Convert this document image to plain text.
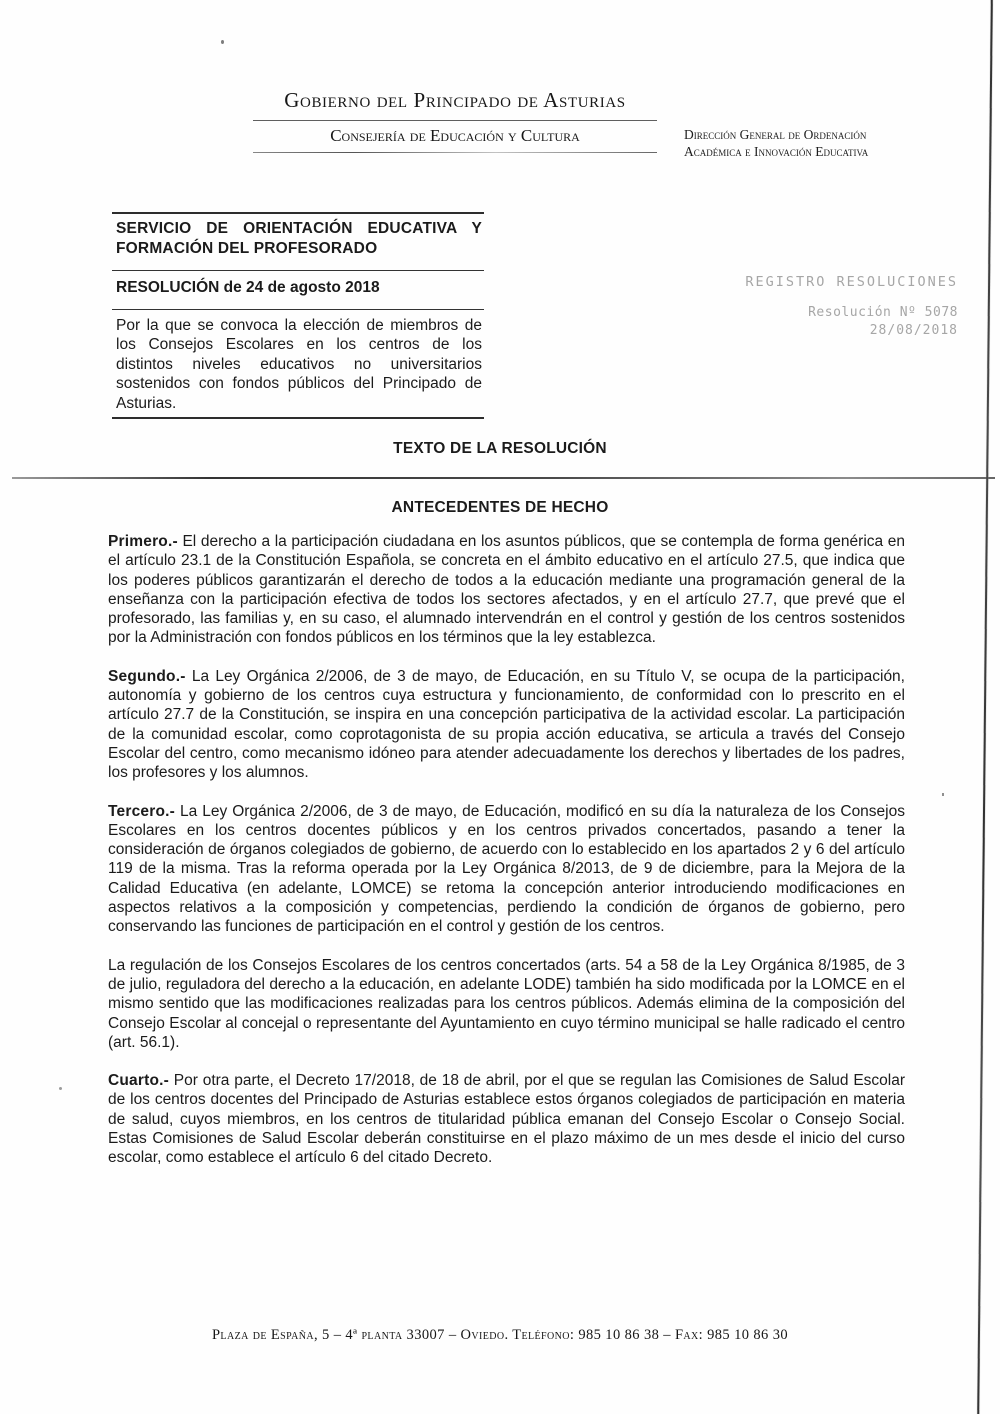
Gobierno del Principado de Asturias
Consejería de Educación y Cultura	Dirección General de Ordenación
Académica e Innovación Educativa
SERVICIO DE ORIENTACIÓN EDUCATIVA Y FORMACIÓN DEL PROFESORADO
RESOLUCIÓN de 24 de agosto 2018
Por la que se convoca la elección de miembros de los Consejos Escolares en los centros de los distintos niveles educativos no universitarios sostenidos con fondos públicos del Principado de Asturias.
REGISTRO RESOLUCIONES
Resolución Nº 5078
28/08/2018
TEXTO DE LA RESOLUCIÓN
ANTECEDENTES DE HECHO

Primero.- El derecho a la participación ciudadana en los asuntos públicos, que se contempla de forma genérica en el artículo 23.1 de la Constitución Española, se concreta en el ámbito educativo en el artículo 27.5, que indica que los poderes públicos garantizarán el derecho de todos a la educación mediante una programación general de la enseñanza con la participación efectiva de todos los sectores afectados, y en el artículo 27.7, que prevé que el profesorado, las familias y, en su caso, el alumnado intervendrán en el control y gestión de los centros sostenidos por la Administración con fondos públicos en los términos que la ley establezca.

Segundo.- La Ley Orgánica 2/2006, de 3 de mayo, de Educación, en su Título V, se ocupa de la participación, autonomía y gobierno de los centros cuya estructura y funcionamiento, de conformidad con lo prescrito en el artículo 27.7 de la Constitución, se inspira en una concepción participativa de la actividad escolar. La participación de la comunidad escolar, como coprotagonista de su propia acción educativa, se articula a través del Consejo Escolar del centro, como mecanismo idóneo para atender adecuadamente los derechos y libertades de los padres, los profesores y los alumnos.

Tercero.- La Ley Orgánica 2/2006, de 3 de mayo, de Educación, modificó en su día la naturaleza de los Consejos Escolares en los centros docentes públicos y en los centros privados concertados, pasando a tener la consideración de órganos colegiados de gobierno, de acuerdo con lo establecido en los apartados 2 y 6 del artículo 119 de la misma. Tras la reforma operada por la Ley Orgánica 8/2013, de 9 de diciembre, para la Mejora de la Calidad Educativa (en adelante, LOMCE) se retoma la concepción anterior introduciendo modificaciones en aspectos relativos a la composición y competencias, perdiendo la condición de órganos de gobierno, pero conservando las funciones de participación en el control y gestión de los centros.

La regulación de los Consejos Escolares de los centros concertados (arts. 54 a 58 de la Ley Orgánica 8/1985, de 3 de julio, reguladora del derecho a la educación, en adelante LODE) también ha sido modificada por la LOMCE en el mismo sentido que las modificaciones realizadas para los centros públicos. Además elimina de la composición del Consejo Escolar al concejal o representante del Ayuntamiento en cuyo término municipal se halle radicado el centro (art. 56.1).

Cuarto.- Por otra parte, el Decreto 17/2018, de 18 de abril, por el que se regulan las Comisiones de Salud Escolar de los centros docentes del Principado de Asturias establece estos órganos colegiados de participación en materia de salud, cuyos miembros, en los centros de titularidad pública emanan del Consejo Escolar o Consejo Social. Estas Comisiones de Salud Escolar deberán constituirse en el plazo máximo de un mes desde el inicio del curso escolar, como establece el artículo 6 del citado Decreto.

Plaza de España, 5 – 4ª planta 33007 – Oviedo. Teléfono: 985 10 86 38 – Fax: 985 10 86 30
